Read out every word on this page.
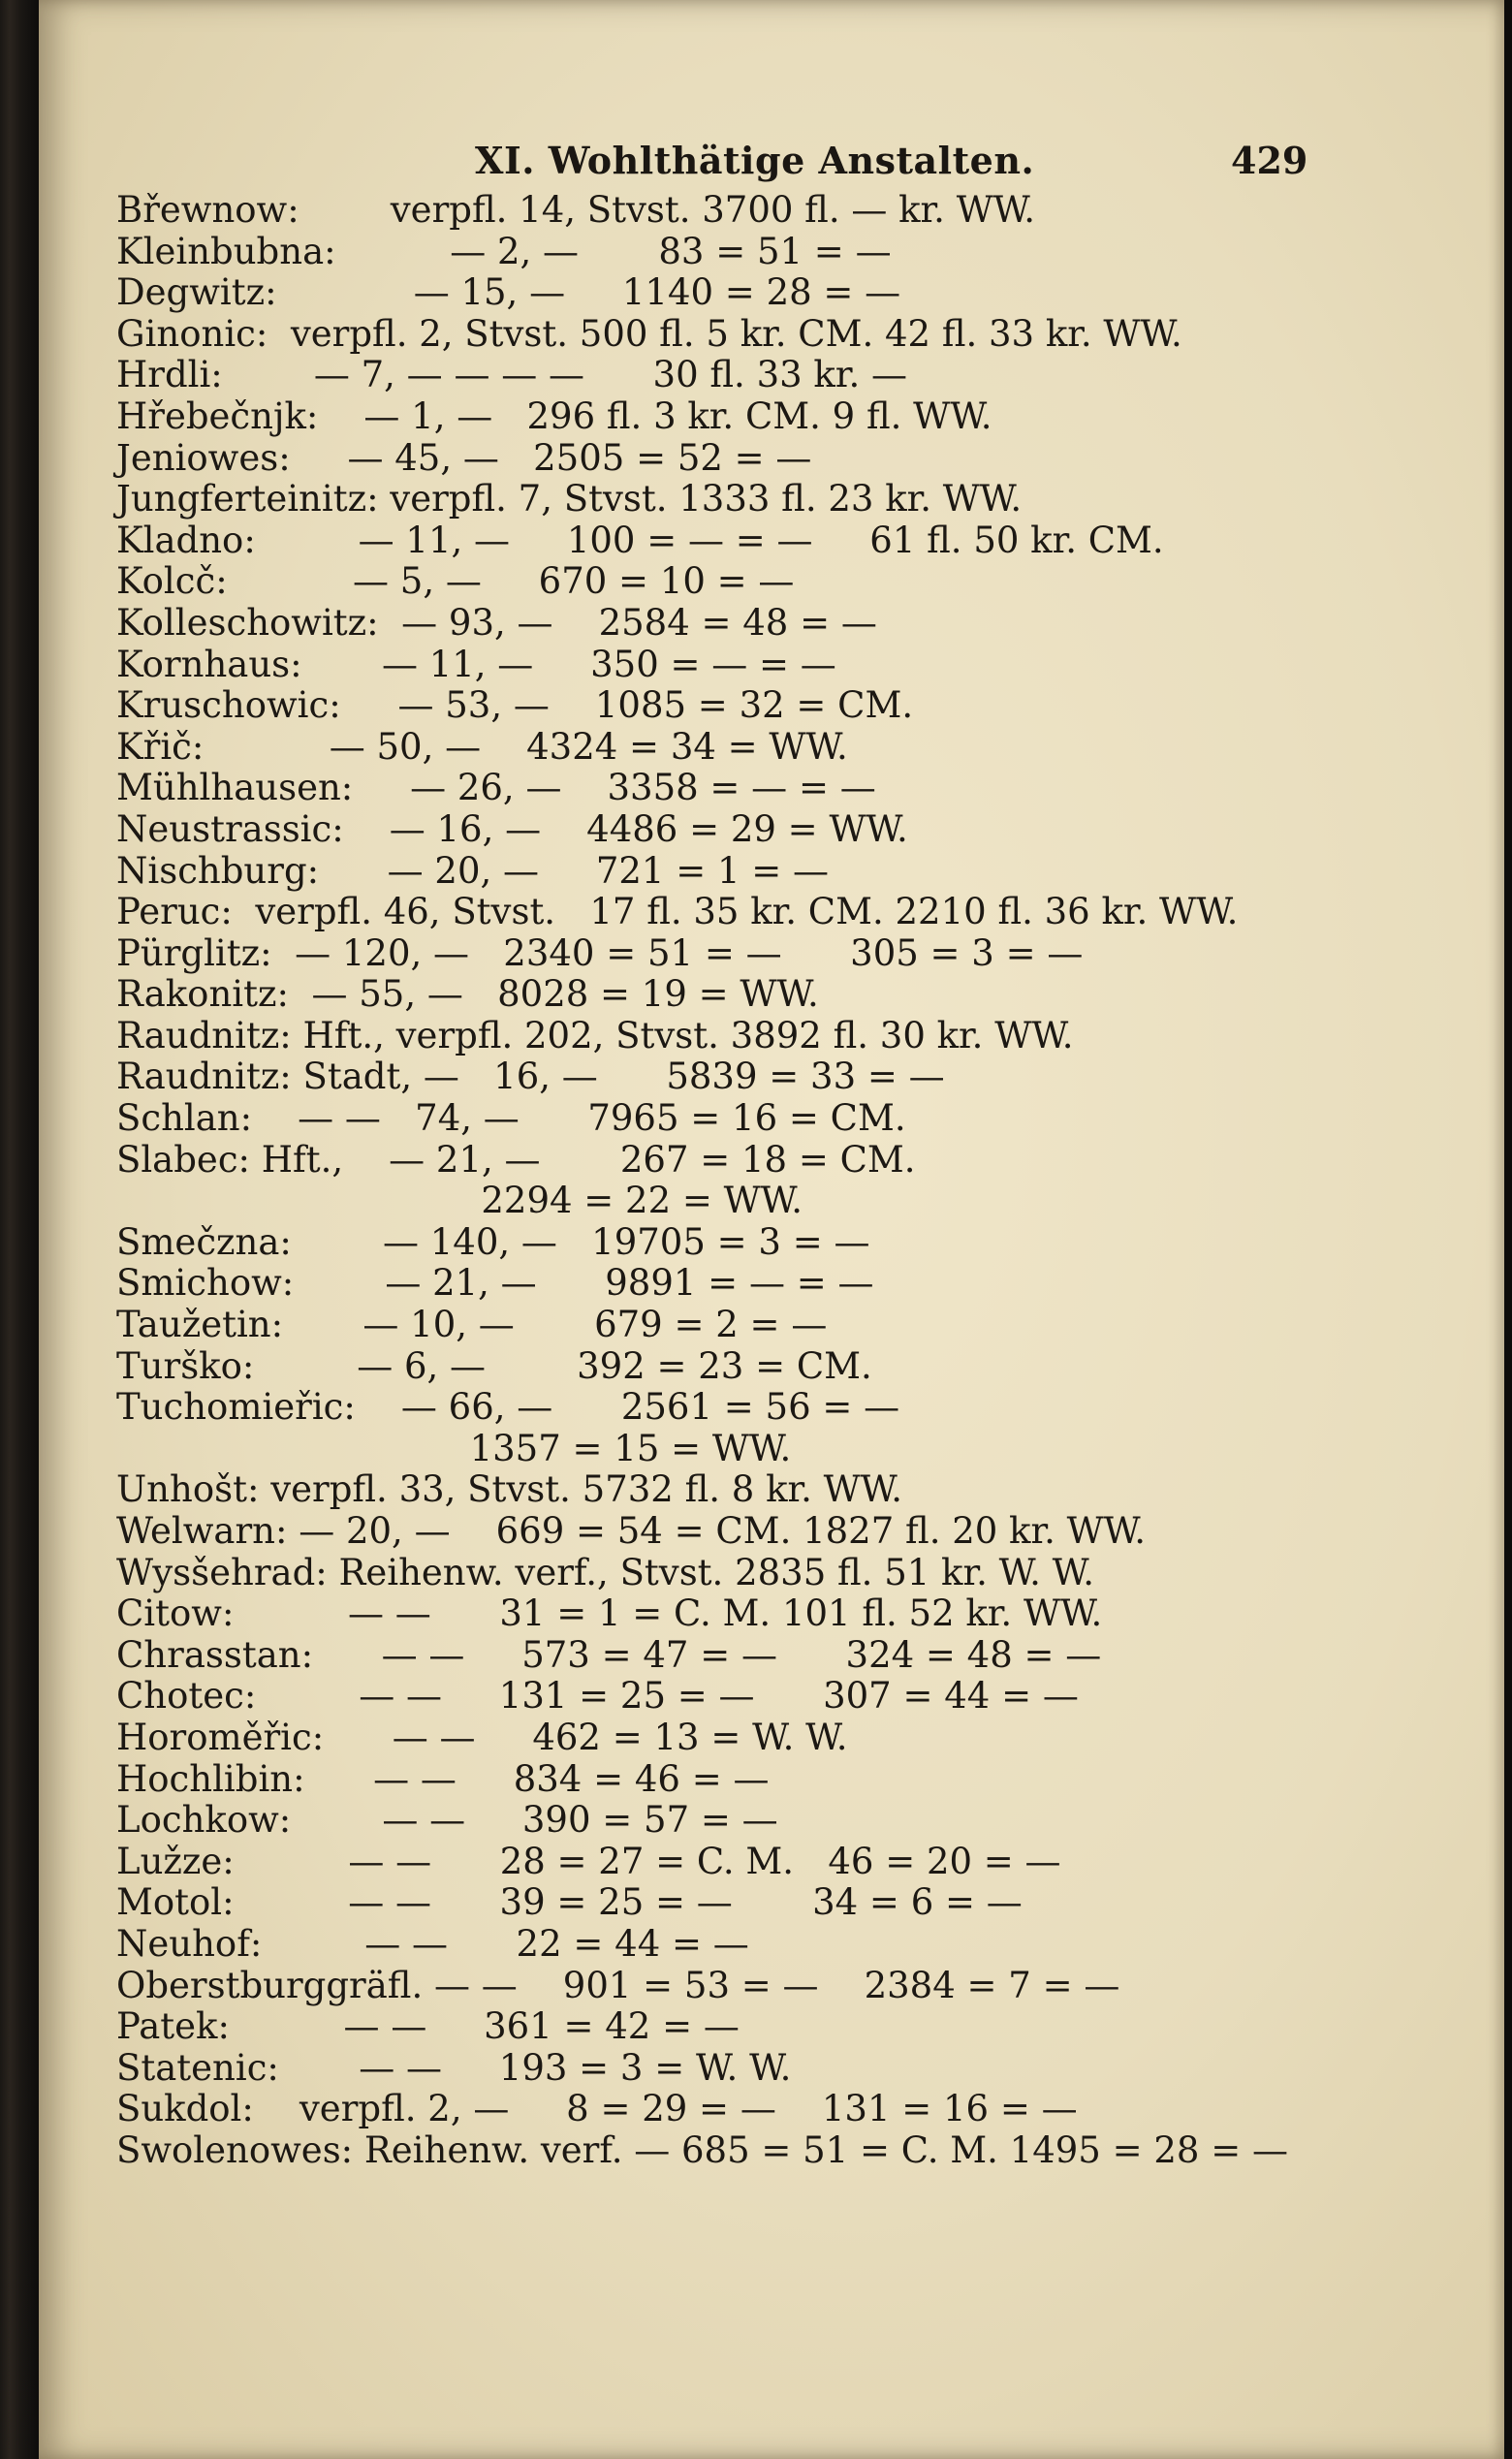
XI. Wohlthätige Anstalten.	429
Břewnow:        verpfl. 14, Stvst. 3700 fl. — kr. WW.
Kleinbubna:          — 2, —       83 = 51 = —
Degwitz:            — 15, —     1140 = 28 = —
Ginonic:  verpfl. 2, Stvst. 500 fl. 5 kr. CM. 42 fl. 33 kr. WW.
Hrdli:        — 7, — — — —      30 fl. 33 kr. —
Hřebečnjk:    — 1, —   296 fl. 3 kr. CM. 9 fl. WW.
Jeniowes:     — 45, —   2505 = 52 = —
Jungferteinitz: verpfl. 7, Stvst. 1333 fl. 23 kr. WW.
Kladno:         — 11, —     100 = — = —     61 fl. 50 kr. CM.
Kolcč:           — 5, —     670 = 10 = —
Kolleschowitz:  — 93, —    2584 = 48 = —
Kornhaus:       — 11, —     350 = — = —
Kruschowic:     — 53, —    1085 = 32 = CM.
Křič:           — 50, —    4324 = 34 = WW.
Mühlhausen:     — 26, —    3358 = — = —
Neustrassic:    — 16, —    4486 = 29 = WW.
Nischburg:      — 20, —     721 = 1 = —
Peruc:  verpfl. 46, Stvst.   17 fl. 35 kr. CM. 2210 fl. 36 kr. WW.
Pürglitz:  — 120, —   2340 = 51 = —      305 = 3 = —
Rakonitz:  — 55, —   8028 = 19 = WW.
Raudnitz: Hft., verpfl. 202, Stvst. 3892 fl. 30 kr. WW.
Raudnitz: Stadt, —   16, —      5839 = 33 = —
Schlan:    — —   74, —      7965 = 16 = CM.
Slabec: Hft.,    — 21, —       267 = 18 = CM.
2294 = 22 = WW.
Smečzna:        — 140, —   19705 = 3 = —
Smichow:        — 21, —      9891 = — = —
Taužetin:       — 10, —       679 = 2 = —
Turško:         — 6, —        392 = 23 = CM.
Tuchomieřic:    — 66, —      2561 = 56 = —
1357 = 15 = WW.
Unhošt: verpfl. 33, Stvst. 5732 fl. 8 kr. WW.
Welwarn: — 20, —    669 = 54 = CM. 1827 fl. 20 kr. WW.
Wysšehrad: Reihenw. verf., Stvst. 2835 fl. 51 kr. W. W.
Citow:          — —      31 = 1 = C. M. 101 fl. 52 kr. WW.
Chrasstan:      — —     573 = 47 = —      324 = 48 = —
Chotec:         — —     131 = 25 = —      307 = 44 = —
Horoměřic:      — —     462 = 13 = W. W.
Hochlibin:      — —     834 = 46 = —
Lochkow:        — —     390 = 57 = —
Lužze:          — —      28 = 27 = C. M.   46 = 20 = —
Motol:          — —      39 = 25 = —       34 = 6 = —
Neuhof:         — —      22 = 44 = —
Oberstburggräfl. — —    901 = 53 = —    2384 = 7 = —
Patek:          — —     361 = 42 = —
Statenic:       — —     193 = 3 = W. W.
Sukdol:    verpfl. 2, —     8 = 29 = —    131 = 16 = —
Swolenowes: Reihenw. verf. — 685 = 51 = C. M. 1495 = 28 = —
